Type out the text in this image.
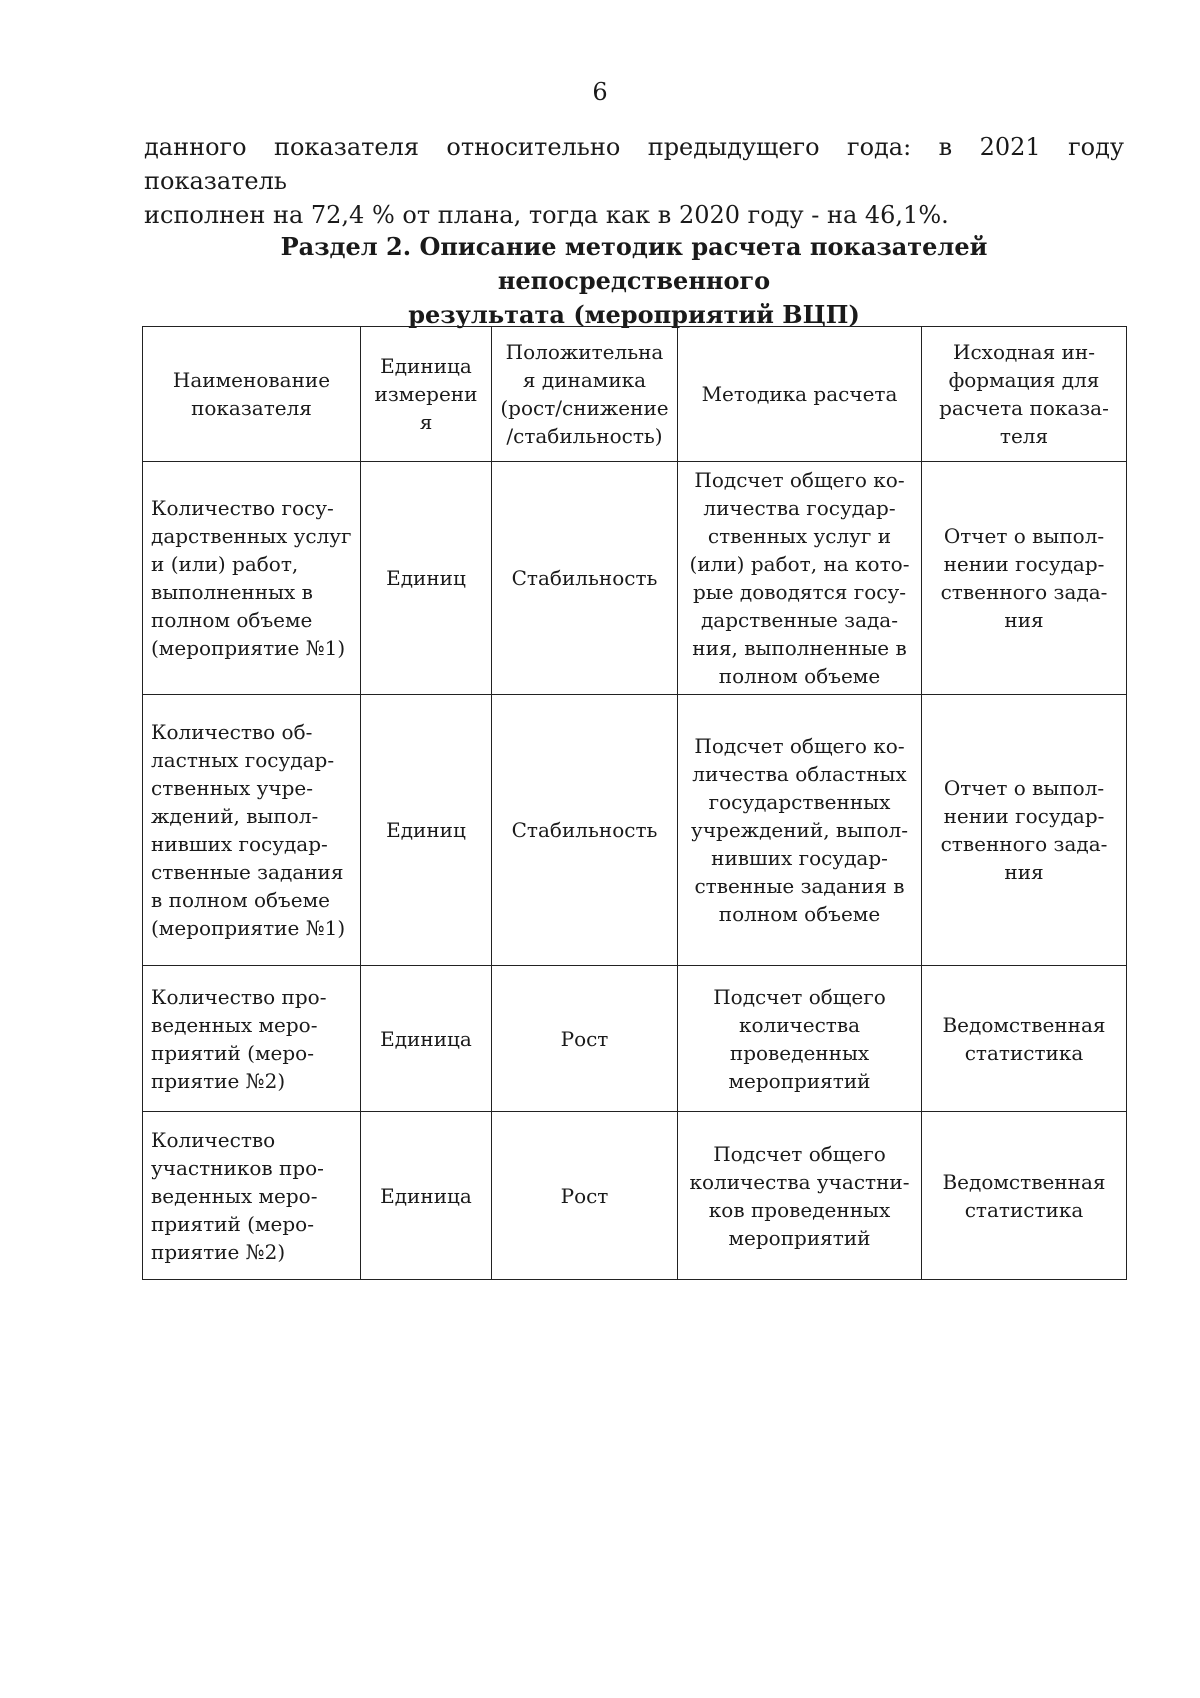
6

данного показателя относительно предыдущего года: в 2021 году показатель
исполнен на 72,4 % от плана, тогда как в 2020 году - на 46,1%.

Раздел 2. Описание методик расчета показателей непосредственного
результата (мероприятий ВЦП)
Наименование показателя	Единица измерения	Положительная динамика (рост/снижение /стабильность)	Методика расчета	Исходная информация для расчета показателя
Количество государственных услуг и (или) работ, выполненных в полном объеме (мероприятие №1)	Единиц	Стабильность	Подсчет общего количества государственных услуг и (или) работ, на которые доводятся государственные задания, выполненные в полном объеме	Отчет о выполнении государственного задания
Количество областных государственных учреждений, выполнивших государственные задания в полном объеме (мероприятие №1)	Единиц	Стабильность	Подсчет общего количества областных государственных учреждений, выполнивших государственные задания в полном объеме	Отчет о выполнении государственного задания
Количество проведенных мероприятий (мероприятие №2)	Единица	Рост	Подсчет общего количества проведенных мероприятий	Ведомственная статистика
Количество участников проведенных мероприятий (мероприятие №2)	Единица	Рост	Подсчет общего количества участников проведенных мероприятий	Ведомственная статистика
